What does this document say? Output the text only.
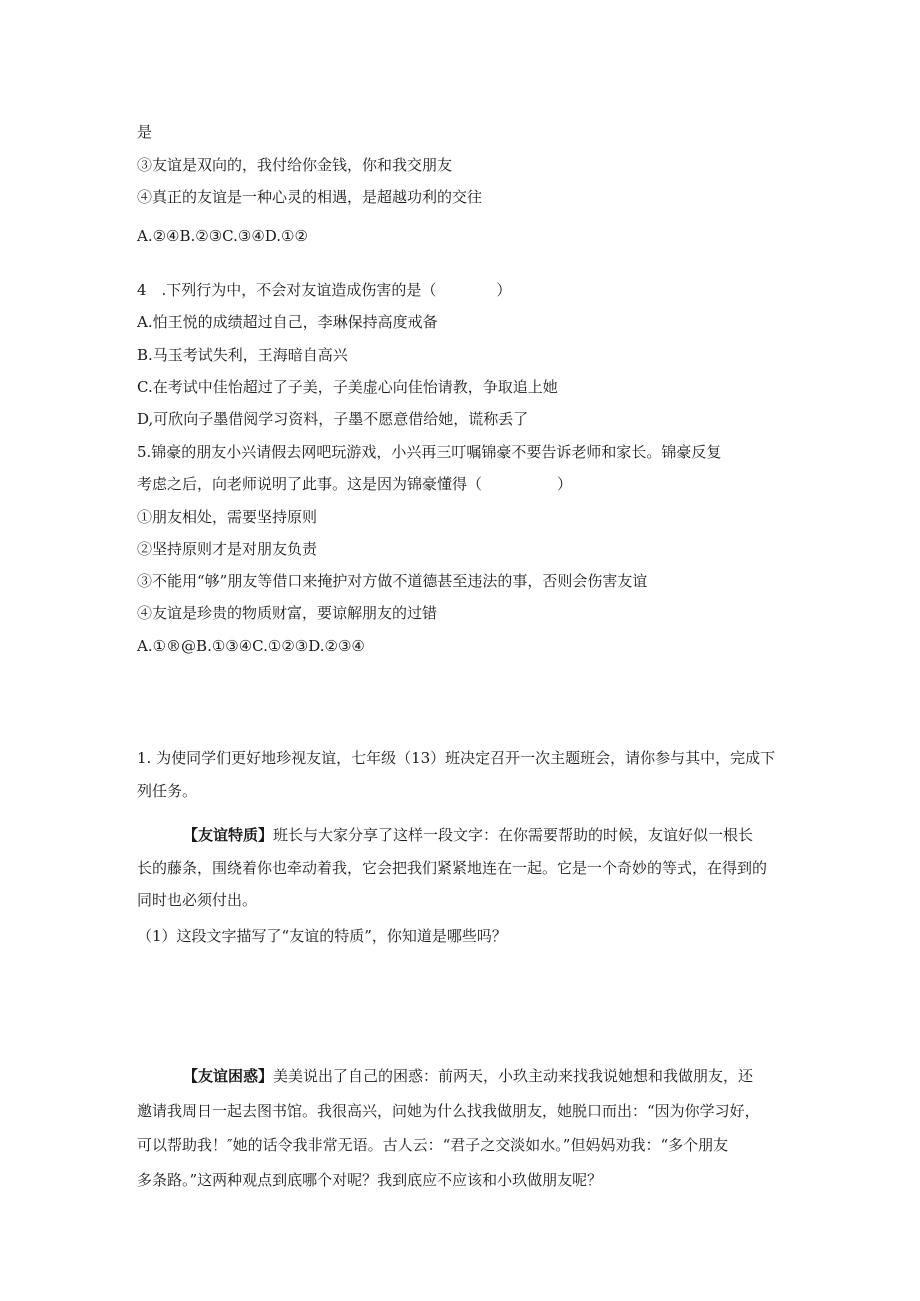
是
③友谊是双向的，我付给你金钱，你和我交朋友
④真正的友谊是一种心灵的相遇，是超越功利的交往
A.②④B.②③C.③④D.①②
4　.下列行为中，不会对友谊造成伤害的是（　　　　）
A.怕王悦的成绩超过自己，李琳保持高度戒备
B.马玉考试失利，王海暗自高兴
C.在考试中佳怡超过了子美，子美虚心向佳怡请教，争取追上她
D,可欣向子墨借阅学习资料，子墨不愿意借给她，谎称丢了
5.锦豪的朋友小兴请假去网吧玩游戏，小兴再三叮嘱锦豪不要告诉老师和家长。锦豪反复
考虑之后，向老师说明了此事。这是因为锦豪懂得（　　　　　）
①朋友相处，需要坚持原则
②坚持原则才是对朋友负责
③不能用“够”朋友等借口来掩护对方做不道德甚至违法的事，否则会伤害友谊
④友谊是珍贵的物质财富，要谅解朋友的过错
A.①®@B.①③④C.①②③D.②③④
1. 为使同学们更好地珍视友谊，七年级（13）班决定召开一次主题班会，请你参与其中，完成下
列任务。
【友谊特质】班长与大家分享了这样一段文字：在你需要帮助的时候，友谊好似一根长
长的藤条，围绕着你也牵动着我，它会把我们紧紧地连在一起。它是一个奇妙的等式，在得到的
同时也必须付出。
（1）这段文字描写了“友谊的特质”，你知道是哪些吗？
【友谊困惑】美美说出了自己的困惑：前两天，小玖主动来找我说她想和我做朋友，还
邀请我周日一起去图书馆。我很高兴，问她为什么找我做朋友，她脱口而出：“因为你学习好，
可以帮助我！″她的话令我非常无语。古人云：“君子之交淡如水。”但妈妈劝我：“多个朋友
多条路。”这两种观点到底哪个对呢？我到底应不应该和小玖做朋友呢？
